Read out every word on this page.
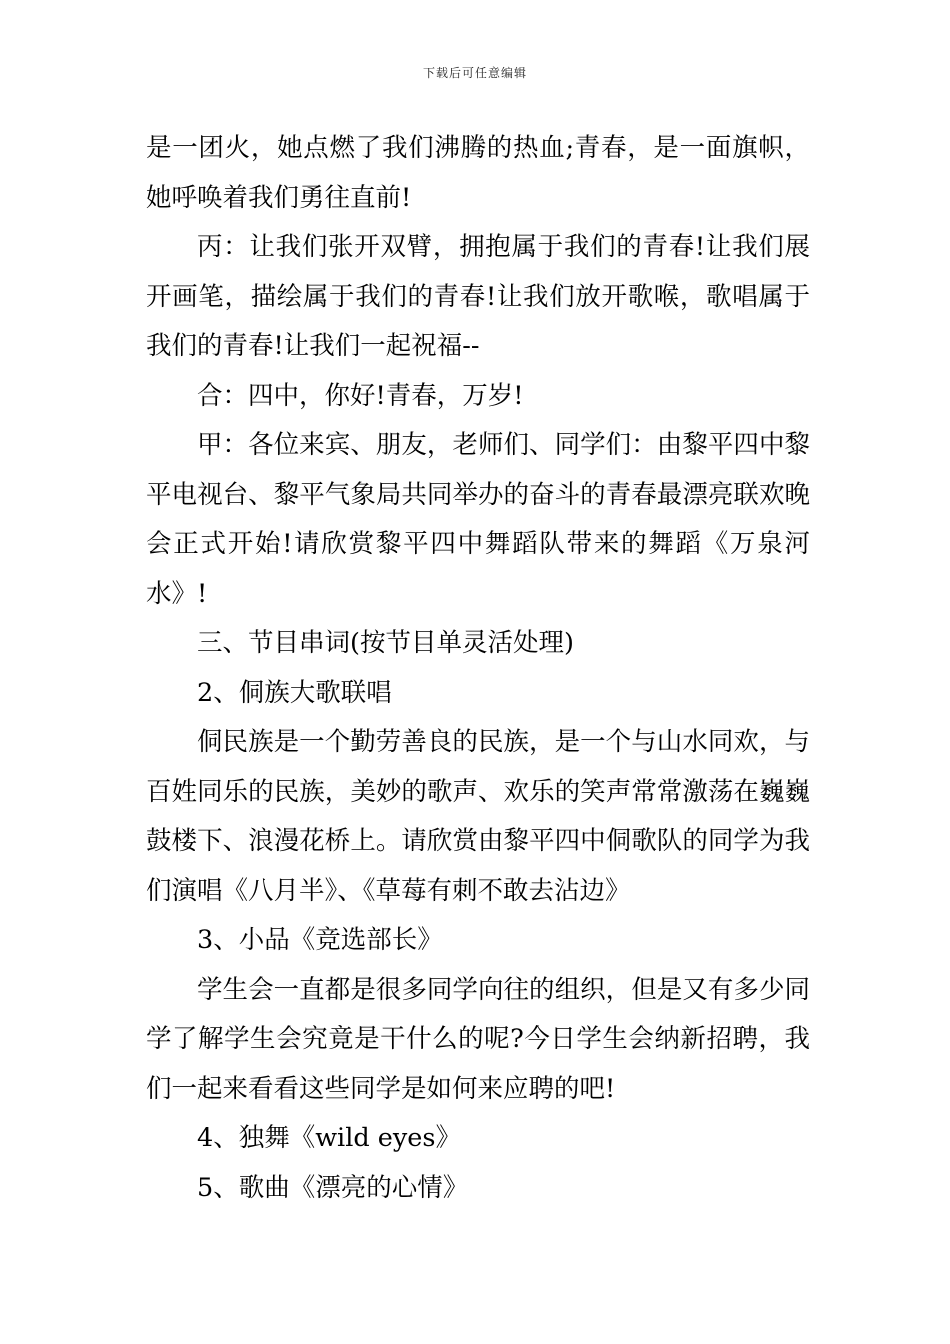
下载后可任意编辑

是一团火，她点燃了我们沸腾的热血;青春，是一面旗帜，她呼唤着我们勇往直前!

丙：让我们张开双臂，拥抱属于我们的青春!让我们展开画笔，描绘属于我们的青春!让我们放开歌喉，歌唱属于我们的青春!让我们一起祝福--

合：四中，你好!青春，万岁!

甲：各位来宾、朋友，老师们、同学们：由黎平四中黎平电视台、黎平气象局共同举办的奋斗的青春最漂亮联欢晚会正式开始!请欣赏黎平四中舞蹈队带来的舞蹈《万泉河水》!

三、节目串词(按节目单灵活处理)

2、侗族大歌联唱

侗民族是一个勤劳善良的民族，是一个与山水同欢，与百姓同乐的民族，美妙的歌声、欢乐的笑声常常激荡在巍巍鼓楼下、浪漫花桥上。请欣赏由黎平四中侗歌队的同学为我们演唱《八月半》、《草莓有刺不敢去沾边》

3、小品《竞选部长》

学生会一直都是很多同学向往的组织，但是又有多少同学了解学生会究竟是干什么的呢?今日学生会纳新招聘，我们一起来看看这些同学是如何来应聘的吧!

4、独舞《wild eyes》

5、歌曲《漂亮的心情》
